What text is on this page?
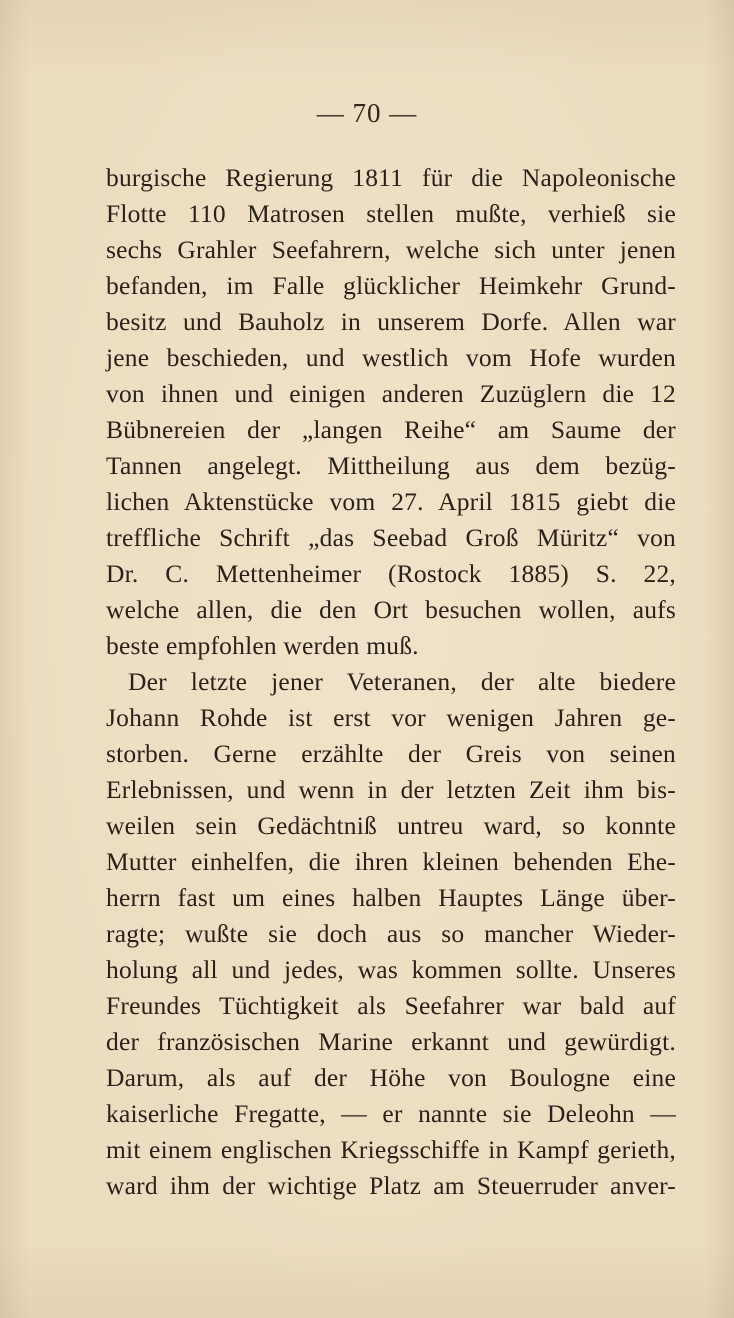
— 70 —
burgische Regierung 1811 für die Napoleonische
Flotte 110 Matrosen stellen mußte, verhieß sie
sechs Grahler Seefahrern, welche sich unter jenen
befanden, im Falle glücklicher Heimkehr Grund-
besitz und Bauholz in unserem Dorfe. Allen war
jene beschieden, und westlich vom Hofe wurden
von ihnen und einigen anderen Zuzüglern die 12
Bübnereien der „langen Reihe“ am Saume der
Tannen angelegt. Mittheilung aus dem bezüg-
lichen Aktenstücke vom 27. April 1815 giebt die
treffliche Schrift „das Seebad Groß Müritz“ von
Dr. C. Mettenheimer (Rostock 1885) S. 22,
welche allen, die den Ort besuchen wollen, aufs
beste empfohlen werden muß.
Der letzte jener Veteranen, der alte biedere
Johann Rohde ist erst vor wenigen Jahren ge-
storben. Gerne erzählte der Greis von seinen
Erlebnissen, und wenn in der letzten Zeit ihm bis-
weilen sein Gedächtniß untreu ward, so konnte
Mutter einhelfen, die ihren kleinen behenden Ehe-
herrn fast um eines halben Hauptes Länge über-
ragte; wußte sie doch aus so mancher Wieder-
holung all und jedes, was kommen sollte. Unseres
Freundes Tüchtigkeit als Seefahrer war bald auf
der französischen Marine erkannt und gewürdigt.
Darum, als auf der Höhe von Boulogne eine
kaiserliche Fregatte, — er nannte sie Deleohn —
mit einem englischen Kriegsschiffe in Kampf gerieth,
ward ihm der wichtige Platz am Steuerruder anver-
